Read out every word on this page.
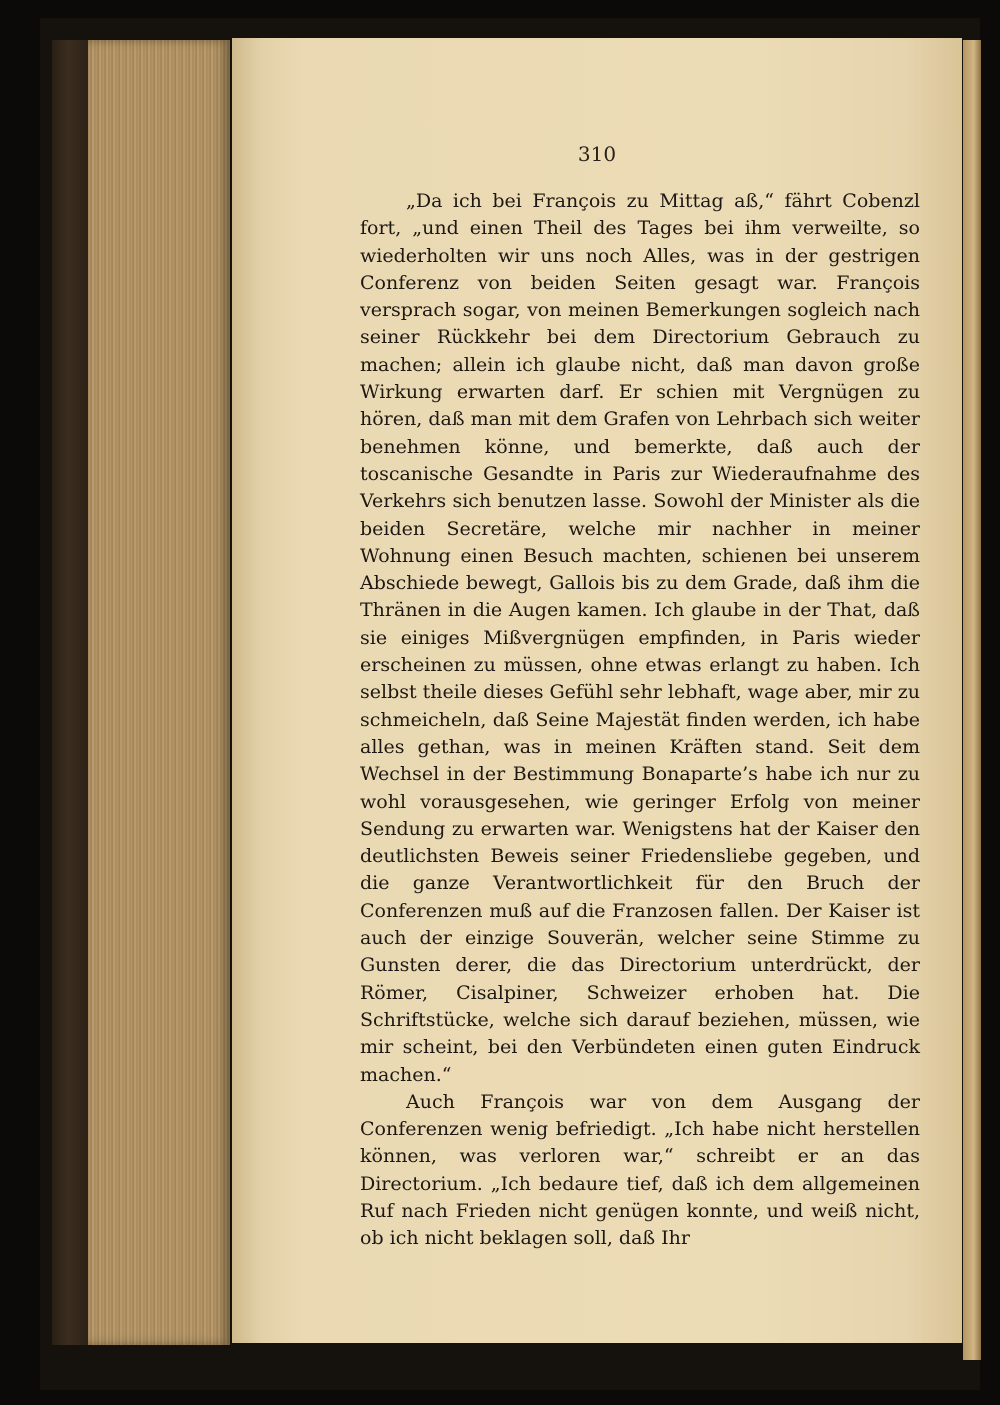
310

„Da ich bei François zu Mittag aß,“ fährt Cobenzl fort, „und einen Theil des Tages bei ihm verweilte, so wiederholten wir uns noch Alles, was in der gestrigen Conferenz von beiden Seiten gesagt war. François versprach sogar, von meinen Bemerkungen sogleich nach seiner Rückkehr bei dem Directorium Gebrauch zu machen; allein ich glaube nicht, daß man davon große Wirkung erwarten darf. Er schien mit Vergnügen zu hören, daß man mit dem Grafen von Lehrbach sich weiter benehmen könne, und bemerkte, daß auch der toscanische Gesandte in Paris zur Wiederaufnahme des Verkehrs sich benutzen lasse. Sowohl der Minister als die beiden Secretäre, welche mir nachher in meiner Wohnung einen Besuch machten, schienen bei unserem Abschiede bewegt, Gallois bis zu dem Grade, daß ihm die Thränen in die Augen kamen. Ich glaube in der That, daß sie einiges Mißvergnügen empfinden, in Paris wieder erscheinen zu müssen, ohne etwas erlangt zu haben. Ich selbst theile dieses Gefühl sehr lebhaft, wage aber, mir zu schmeicheln, daß Seine Majestät finden werden, ich habe alles gethan, was in meinen Kräften stand. Seit dem Wechsel in der Bestimmung Bonaparte’s habe ich nur zu wohl vorausgesehen, wie geringer Erfolg von meiner Sendung zu erwarten war. Wenigstens hat der Kaiser den deutlichsten Beweis seiner Friedensliebe gegeben, und die ganze Verantwortlichkeit für den Bruch der Conferenzen muß auf die Franzosen fallen. Der Kaiser ist auch der einzige Souverän, welcher seine Stimme zu Gunsten derer, die das Directorium unterdrückt, der Römer, Cisalpiner, Schweizer erhoben hat. Die Schriftstücke, welche sich darauf beziehen, müssen, wie mir scheint, bei den Verbündeten einen guten Eindruck machen.“

Auch François war von dem Ausgang der Conferenzen wenig befriedigt. „Ich habe nicht herstellen können, was verloren war,“ schreibt er an das Directorium. „Ich bedaure tief, daß ich dem allgemeinen Ruf nach Frieden nicht genügen konnte, und weiß nicht, ob ich nicht beklagen soll, daß Ihr
